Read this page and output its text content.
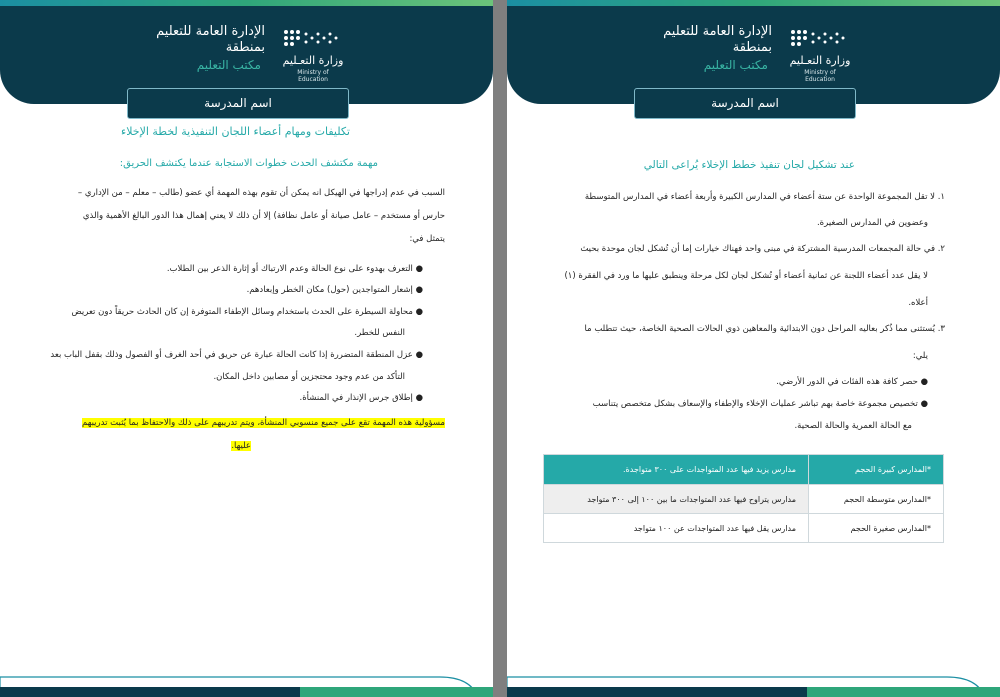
وزارة التعـليم
Ministry of Education
الإدارة العامة للتعليم
بمنطقة
مكتب التعليم
اسم المدرسة
تكليفات ومهام أعضاء اللجان التنفيذية لخطة الإخلاء
مهمة مكتشف الحدث خطوات الاستجابة عندما يكتشف الحريق:
السبب في عدم إدراجها في الهيكل انه يمكن أن تقوم بهذه المهمة أي عضو (طالب – معلم – من الإداري –
حارس أو مستخدم – عامل صيانة أو عامل نظافة) إلا أن ذلك لا يعني إهمال هذا الدور البالغ الأهمية والذي
يتمثل في:
● التعرف بهدوء على نوع الحالة وعدم الارتباك أو إثارة الذعر بين الطلاب.
● إشعار المتواجدين (حول) مكان الخطر وإبعادهم.
● محاولة السيطرة على الحدث باستخدام وسائل الإطفاء المتوفرة إن كان الحادث حريقاً دون تعريض
النفس للخطر.
● عزل المنطقة المتضررة إذا كانت الحالة عبارة عن حريق في أحد الغرف أو الفصول وذلك بقفل الباب بعد
التأكد من عدم وجود محتجزين أو مصابين داخل المكان.
● إطلاق جرس الإنذار في المنشأة.
مسؤولية هذه المهمة تقع على جميع منسوبي المنشأة، ويتم تدريبهم على ذلك والاحتفاظ بما يُثبت تدريبهم
عليها.
وزارة التعـليم
Ministry of Education
الإدارة العامة للتعليم
بمنطقة
مكتب التعليم
اسم المدرسة
عند تشكيل لجان تنفيذ خطط الإخلاء يُراعى التالي
١. لا تقل المجموعة الواحدة عن ستة أعضاء في المدارس الكبيرة وأربعة أعضاء في المدارس المتوسطة
وعضوين في المدارس الصغيرة.
٢. في حالة المجمعات المدرسية المشتركة في مبنى واحد فهناك خيارات إما أن تُشكل لجان موحدة بحيث
لا يقل عدد أعضاء اللجنة عن ثمانية أعضاء أو تُشكل لجان لكل مرحلة وينطبق عليها ما ورد في الفقرة (١)
أعلاه.
٣. يُستثنى مما ذُكر بعاليه المراحل دون الابتدائية والمعاهين ذوي الحالات الصحية الخاصة، حيث تتطلب ما
يلي:
● حصر كافة هذه الفئات في الدور الأرضي.
● تخصيص مجموعة خاصة بهم تباشر عمليات الإخلاء والإطفاء والإسعاف بشكل متخصص يتناسب
مع الحالة العمرية والحالة الصحية.
*المدارس كبيرة الحجم	مدارس يزيد فيها عدد المتواجدات على ٣٠٠ متواجدة.
*المدارس متوسطة الحجم	مدارس يتراوح فيها عدد المتواجدات ما بين ١٠٠ إلى ٣٠٠ متواجد
*المدارس صغيرة الحجم	مدارس يقل فيها عدد المتواجدات عن ١٠٠ متواجد
